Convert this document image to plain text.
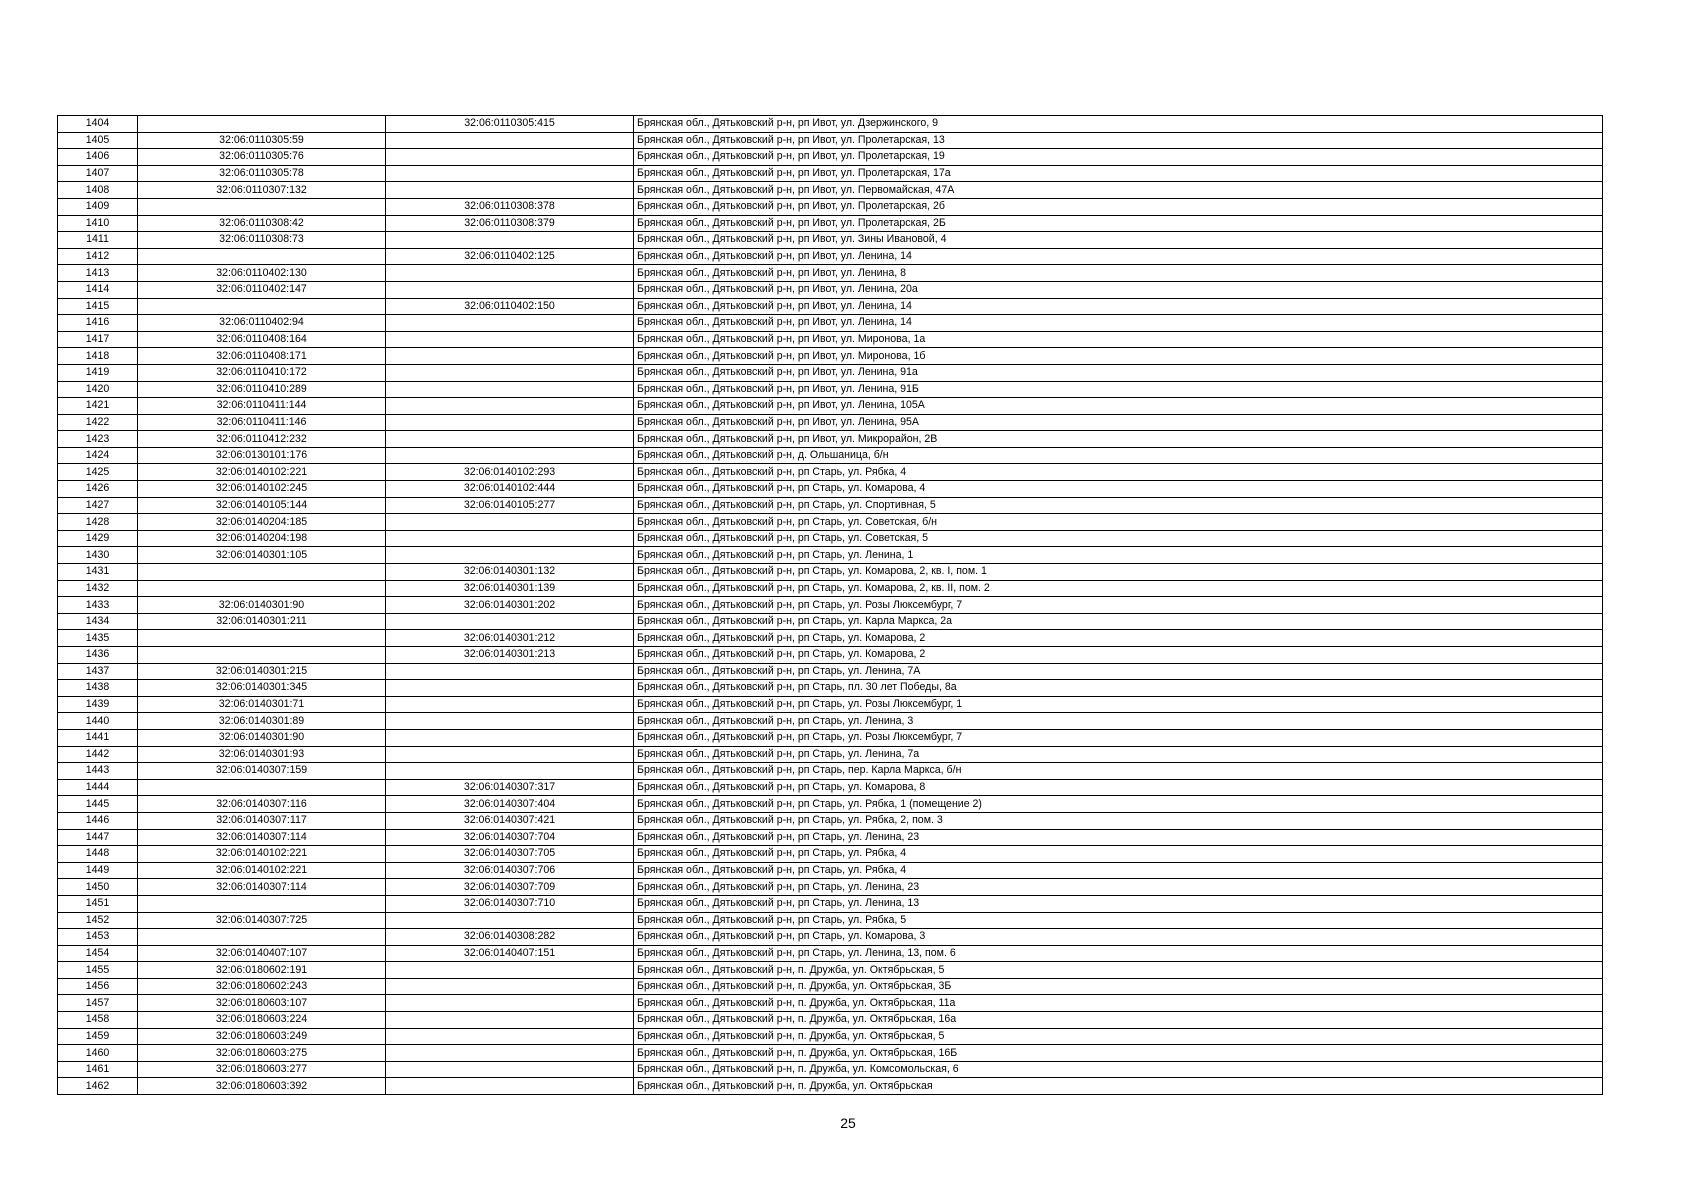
1404		32:06:0110305:415	Брянская обл., Дятьковский р-н, рп Ивот, ул. Дзержинского, 9
1405	32:06:0110305:59		Брянская обл., Дятьковский р-н, рп Ивот, ул. Пролетарская, 13
1406	32:06:0110305:76		Брянская обл., Дятьковский р-н, рп Ивот, ул. Пролетарская, 19
1407	32:06:0110305:78		Брянская обл., Дятьковский р-н, рп Ивот, ул. Пролетарская, 17а
1408	32:06:0110307:132		Брянская обл., Дятьковский р-н, рп Ивот, ул. Первомайская, 47А
1409		32:06:0110308:378	Брянская обл., Дятьковский р-н, рп Ивот, ул. Пролетарская, 2б
1410	32:06:0110308:42	32:06:0110308:379	Брянская обл., Дятьковский р-н, рп Ивот, ул. Пролетарская, 2Б
1411	32:06:0110308:73		Брянская обл., Дятьковский р-н, рп Ивот, ул. Зины Ивановой, 4
1412		32:06:0110402:125	Брянская обл., Дятьковский р-н, рп Ивот, ул. Ленина, 14
1413	32:06:0110402:130		Брянская обл., Дятьковский р-н, рп Ивот, ул. Ленина, 8
1414	32:06:0110402:147		Брянская обл., Дятьковский р-н, рп Ивот, ул. Ленина, 20а
1415		32:06:0110402:150	Брянская обл., Дятьковский р-н, рп Ивот, ул. Ленина, 14
1416	32:06:0110402:94		Брянская обл., Дятьковский р-н, рп Ивот, ул. Ленина, 14
1417	32:06:0110408:164		Брянская обл., Дятьковский р-н, рп Ивот, ул. Миронова, 1а
1418	32:06:0110408:171		Брянская обл., Дятьковский р-н, рп Ивот, ул. Миронова, 1б
1419	32:06:0110410:172		Брянская обл., Дятьковский р-н, рп Ивот, ул. Ленина, 91а
1420	32:06:0110410:289		Брянская обл., Дятьковский р-н, рп Ивот, ул. Ленина, 91Б
1421	32:06:0110411:144		Брянская обл., Дятьковский р-н, рп Ивот, ул. Ленина, 105А
1422	32:06:0110411:146		Брянская обл., Дятьковский р-н, рп Ивот, ул. Ленина, 95А
1423	32:06:0110412:232		Брянская обл., Дятьковский р-н, рп Ивот, ул. Микрорайон, 2В
1424	32:06:0130101:176		Брянская обл., Дятьковский р-н, д. Ольшаница, б/н
1425	32:06:0140102:221	32:06:0140102:293	Брянская обл., Дятьковский р-н, рп Старь, ул. Рябка, 4
1426	32:06:0140102:245	32:06:0140102:444	Брянская обл., Дятьковский р-н, рп Старь, ул. Комарова, 4
1427	32:06:0140105:144	32:06:0140105:277	Брянская обл., Дятьковский р-н, рп Старь, ул. Спортивная, 5
1428	32:06:0140204:185		Брянская обл., Дятьковский р-н, рп Старь, ул. Советская, б/н
1429	32:06:0140204:198		Брянская обл., Дятьковский р-н, рп Старь, ул. Советская, 5
1430	32:06:0140301:105		Брянская обл., Дятьковский р-н, рп Старь, ул. Ленина, 1
1431		32:06:0140301:132	Брянская обл., Дятьковский р-н, рп Старь, ул. Комарова, 2, кв. I, пом. 1
1432		32:06:0140301:139	Брянская обл., Дятьковский р-н, рп Старь, ул. Комарова, 2, кв. II, пом. 2
1433	32:06:0140301:90	32:06:0140301:202	Брянская обл., Дятьковский р-н, рп Старь, ул. Розы Люксембург, 7
1434	32:06:0140301:211		Брянская обл., Дятьковский р-н, рп Старь, ул. Карла Маркса, 2а
1435		32:06:0140301:212	Брянская обл., Дятьковский р-н, рп Старь, ул. Комарова, 2
1436		32:06:0140301:213	Брянская обл., Дятьковский р-н, рп Старь, ул. Комарова, 2
1437	32:06:0140301:215		Брянская обл., Дятьковский р-н, рп Старь, ул. Ленина, 7А
1438	32:06:0140301:345		Брянская обл., Дятьковский р-н, рп Старь, пл. 30 лет Победы, 8а
1439	32:06:0140301:71		Брянская обл., Дятьковский р-н, рп Старь, ул. Розы Люксембург, 1
1440	32:06:0140301:89		Брянская обл., Дятьковский р-н, рп Старь, ул. Ленина, 3
1441	32:06:0140301:90		Брянская обл., Дятьковский р-н, рп Старь, ул. Розы Люксембург, 7
1442	32:06:0140301:93		Брянская обл., Дятьковский р-н, рп Старь, ул. Ленина, 7а
1443	32:06:0140307:159		Брянская обл., Дятьковский р-н, рп Старь, пер. Карла Маркса, б/н
1444		32:06:0140307:317	Брянская обл., Дятьковский р-н, рп Старь, ул. Комарова, 8
1445	32:06:0140307:116	32:06:0140307:404	Брянская обл., Дятьковский р-н, рп Старь, ул. Рябка, 1 (помещение 2)
1446	32:06:0140307:117	32:06:0140307:421	Брянская обл., Дятьковский р-н, рп Старь, ул. Рябка, 2, пом. 3
1447	32:06:0140307:114	32:06:0140307:704	Брянская обл., Дятьковский р-н, рп Старь, ул. Ленина, 23
1448	32:06:0140102:221	32:06:0140307:705	Брянская обл., Дятьковский р-н, рп Старь, ул. Рябка, 4
1449	32:06:0140102:221	32:06:0140307:706	Брянская обл., Дятьковский р-н, рп Старь, ул. Рябка, 4
1450	32:06:0140307:114	32:06:0140307:709	Брянская обл., Дятьковский р-н, рп Старь, ул. Ленина, 23
1451		32:06:0140307:710	Брянская обл., Дятьковский р-н, рп Старь, ул. Ленина, 13
1452	32:06:0140307:725		Брянская обл., Дятьковский р-н, рп Старь, ул. Рябка, 5
1453		32:06:0140308:282	Брянская обл., Дятьковский р-н, рп Старь, ул. Комарова, 3
1454	32:06:0140407:107	32:06:0140407:151	Брянская обл., Дятьковский р-н, рп Старь, ул. Ленина, 13, пом. 6
1455	32:06:0180602:191		Брянская обл., Дятьковский р-н, п. Дружба, ул. Октябрьская, 5
1456	32:06:0180602:243		Брянская обл., Дятьковский р-н, п. Дружба, ул. Октябрьская, 3Б
1457	32:06:0180603:107		Брянская обл., Дятьковский р-н, п. Дружба, ул. Октябрьская, 11а
1458	32:06:0180603:224		Брянская обл., Дятьковский р-н, п. Дружба, ул. Октябрьская, 16а
1459	32:06:0180603:249		Брянская обл., Дятьковский р-н, п. Дружба, ул. Октябрьская, 5
1460	32:06:0180603:275		Брянская обл., Дятьковский р-н, п. Дружба, ул. Октябрьская, 16Б
1461	32:06:0180603:277		Брянская обл., Дятьковский р-н, п. Дружба, ул. Комсомольская, 6
1462	32:06:0180603:392		Брянская обл., Дятьковский р-н, п. Дружба, ул. Октябрьская
25
